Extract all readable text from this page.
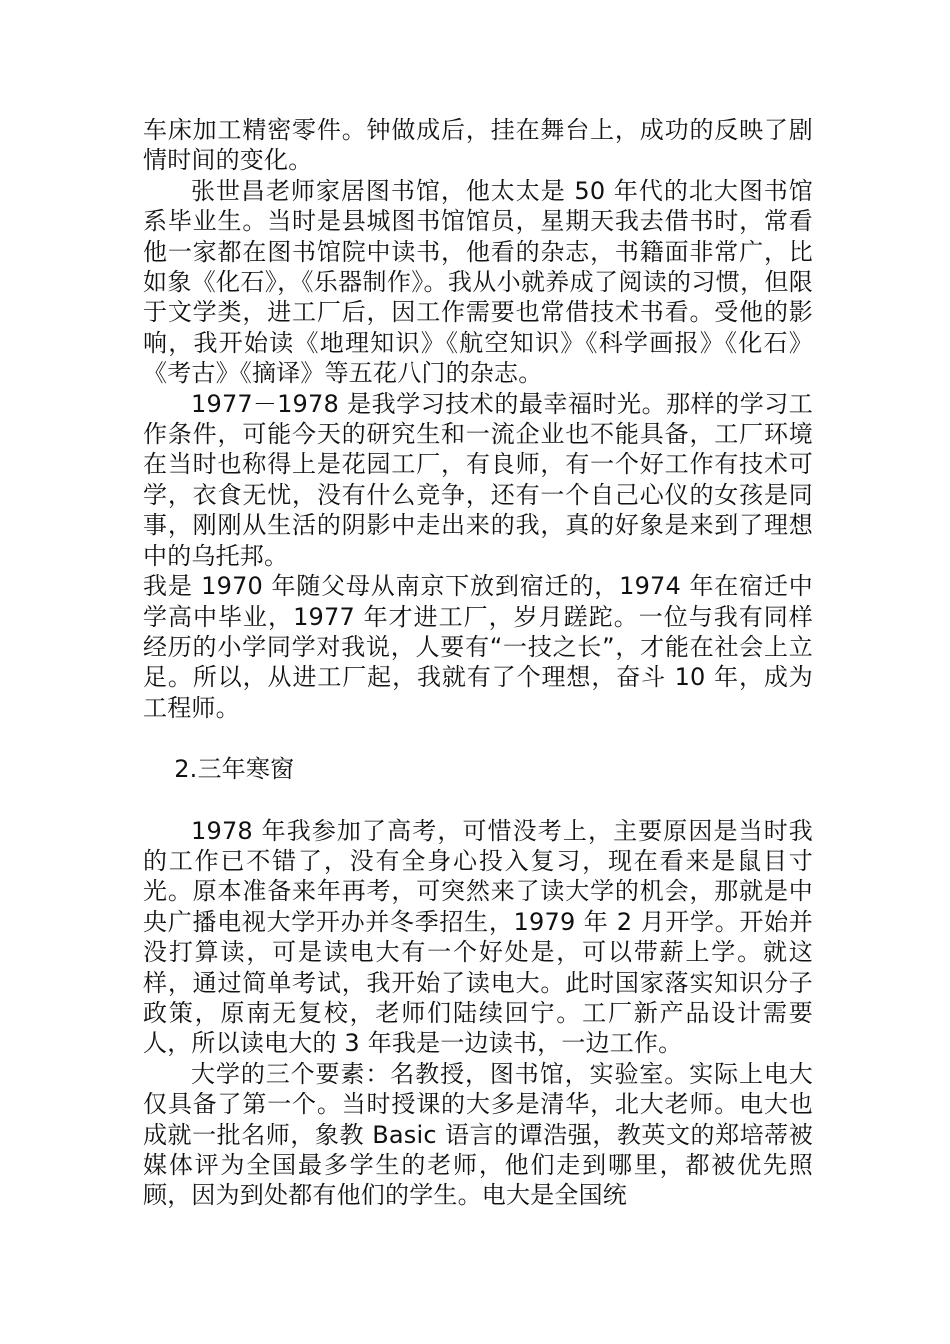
车床加工精密零件。钟做成后，挂在舞台上，成功的反映了剧情时间的变化。

张世昌老师家居图书馆，他太太是 50 年代的北大图书馆系毕业生。当时是县城图书馆馆员，星期天我去借书时，常看他一家都在图书馆院中读书，他看的杂志，书籍面非常广，比如象《化石》，《乐器制作》。我从小就养成了阅读的习惯，但限于文学类，进工厂后，因工作需要也常借技术书看。受他的影响，我开始读《地理知识》《航空知识》《科学画报》《化石》《考古》《摘译》等五花八门的杂志。

1977－1978 是我学习技术的最幸福时光。那样的学习工作条件，可能今天的研究生和一流企业也不能具备，工厂环境在当时也称得上是花园工厂，有良师，有一个好工作有技术可学，衣食无忧，没有什么竞争，还有一个自己心仪的女孩是同事，刚刚从生活的阴影中走出来的我，真的好象是来到了理想中的乌托邦。

我是 1970 年随父母从南京下放到宿迁的，1974 年在宿迁中学高中毕业，1977 年才进工厂，岁月蹉跎。一位与我有同样经历的小学同学对我说，人要有“一技之长”，才能在社会上立足。所以，从进工厂起，我就有了个理想，奋斗 10 年，成为工程师。

2.三年寒窗

1978 年我参加了高考，可惜没考上，主要原因是当时我的工作已不错了，没有全身心投入复习，现在看来是鼠目寸光。原本准备来年再考，可突然来了读大学的机会，那就是中央广播电视大学开办并冬季招生，1979 年 2 月开学。开始并没打算读，可是读电大有一个好处是，可以带薪上学。就这样，通过简单考试，我开始了读电大。此时国家落实知识分子政策，原南无复校，老师们陆续回宁。工厂新产品设计需要人，所以读电大的 3 年我是一边读书，一边工作。

大学的三个要素：名教授，图书馆，实验室。实际上电大仅具备了第一个。当时授课的大多是清华，北大老师。电大也成就一批名师，象教 Basic 语言的谭浩强，教英文的郑培蒂被媒体评为全国最多学生的老师，他们走到哪里，都被优先照顾，因为到处都有他们的学生。电大是全国统
